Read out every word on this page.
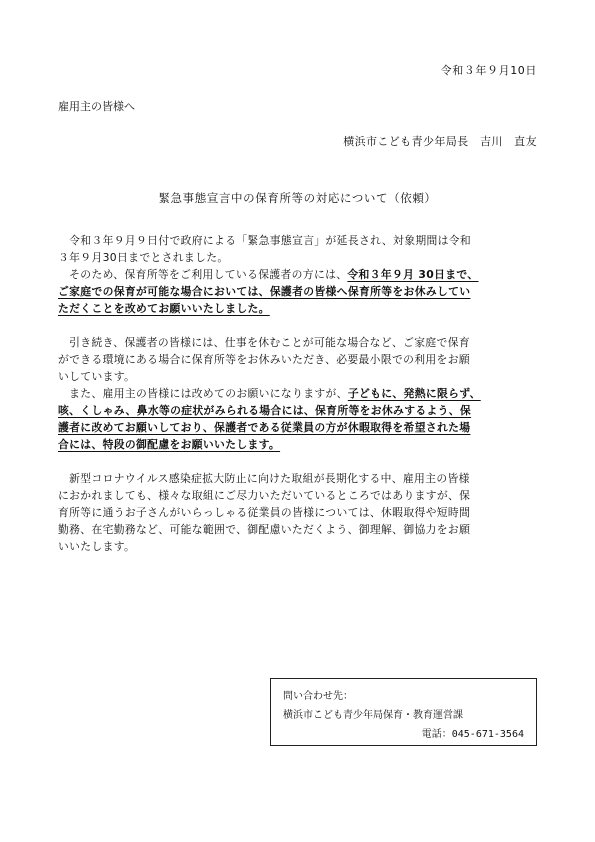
令和３年９月10日
雇用主の皆様へ
横浜市こども青少年局長　吉川　直友
緊急事態宣言中の保育所等の対応について（依頼）
　令和３年９月９日付で政府による「緊急事態宣言」が延長され、対象期間は令和
３年９月30日までとされました。
　そのため、保育所等をご利用している保護者の方には、令和３年９月 30日まで、
ご家庭での保育が可能な場合においては、保護者の皆様へ保育所等をお休みしてい
ただくことを改めてお願いいたしました。
　引き続き、保護者の皆様には、仕事を休むことが可能な場合など、ご家庭で保育
ができる環境にある場合に保育所等をお休みいただき、必要最小限での利用をお願
いしています。
　また、雇用主の皆様には改めてのお願いになりますが、子どもに、発熱に限らず、
咳、くしゃみ、鼻水等の症状がみられる場合には、保育所等をお休みするよう、保
護者に改めてお願いしており、保護者である従業員の方が休暇取得を希望された場
合には、特段の御配慮をお願いいたします。
　新型コロナウイルス感染症拡大防止に向けた取組が長期化する中、雇用主の皆様
におかれましても、様々な取組にご尽力いただいているところではありますが、保
育所等に通うお子さんがいらっしゃる従業員の皆様については、休暇取得や短時間
勤務、在宅勤務など、可能な範囲で、御配慮いただくよう、御理解、御協力をお願
いいたします。
問い合わせ先：
横浜市こども青少年局保育・教育運営課
電話：045-671-3564
